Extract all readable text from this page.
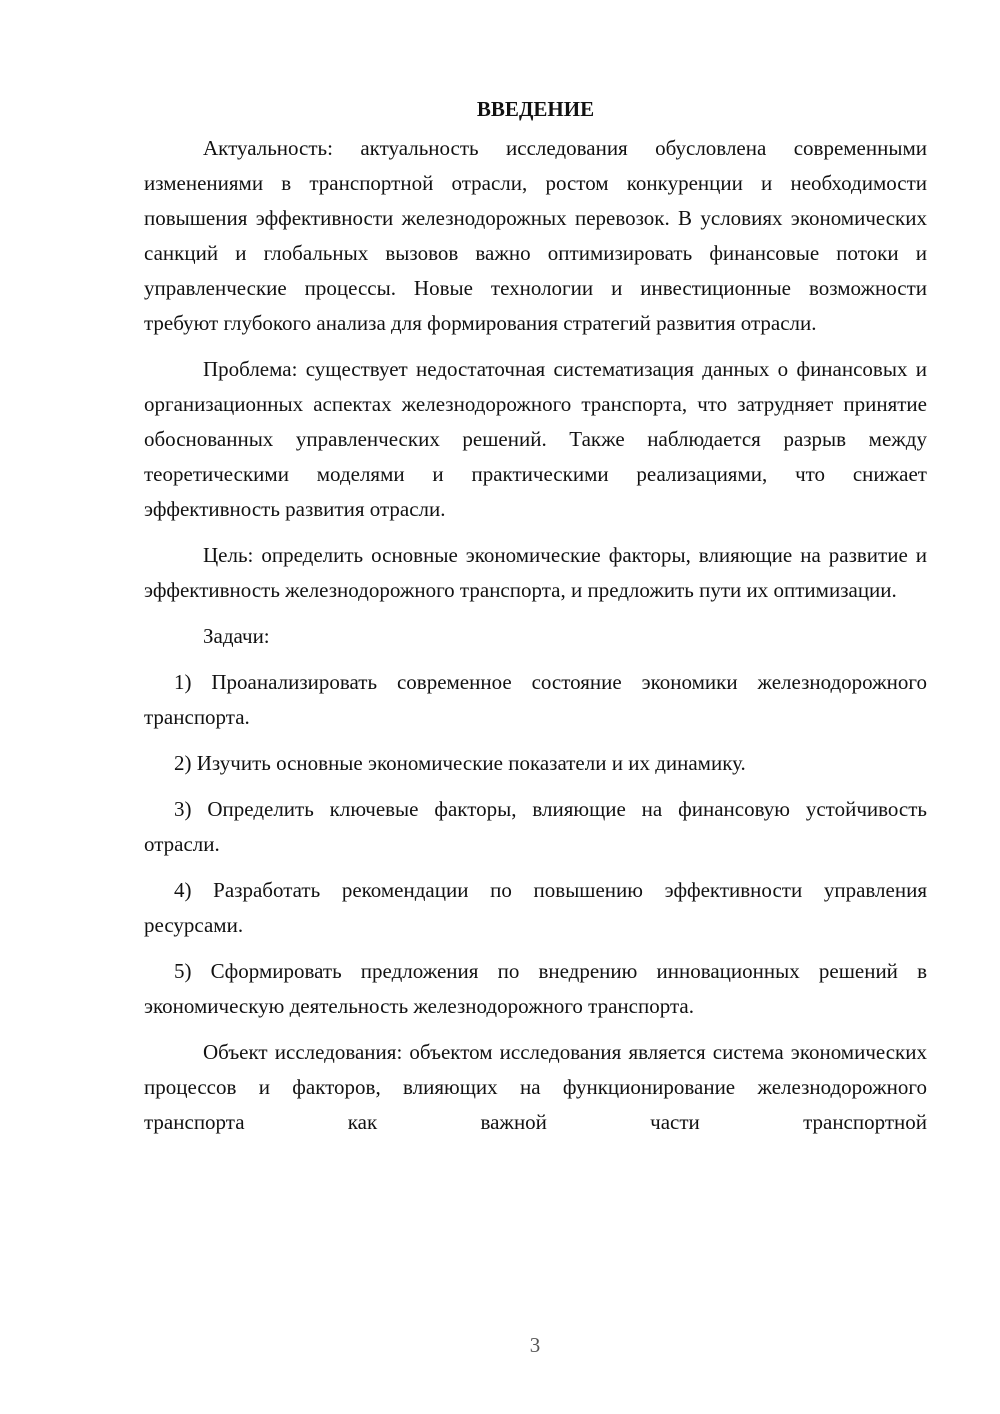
ВВЕДЕНИЕ

Актуальность: актуальность исследования обусловлена современными изменениями в транспортной отрасли, ростом конкуренции и необходимости повышения эффективности железнодорожных перевозок. В условиях экономических санкций и глобальных вызовов важно оптимизировать финансовые потоки и управленческие процессы. Новые технологии и инвестиционные возможности требуют глубокого анализа для формирования стратегий развития отрасли.

Проблема: существует недостаточная систематизация данных о финансовых и организационных аспектах железнодорожного транспорта, что затрудняет принятие обоснованных управленческих решений. Также наблюдается разрыв между теоретическими моделями и практическими реализациями, что снижает эффективность развития отрасли.

Цель: определить основные экономические факторы, влияющие на развитие и эффективность железнодорожного транспорта, и предложить пути их оптимизации.

Задачи:

1) Проанализировать современное состояние экономики железнодорожного транспорта.

2) Изучить основные экономические показатели и их динамику.

3) Определить ключевые факторы, влияющие на финансовую устойчивость отрасли.

4) Разработать рекомендации по повышению эффективности управления ресурсами.

5) Сформировать предложения по внедрению инновационных решений в экономическую деятельность железнодорожного транспорта.

Объект исследования: объектом исследования является система экономических процессов и факторов, влияющих на функционирование железнодорожного транспорта как важной части транспортной

3
